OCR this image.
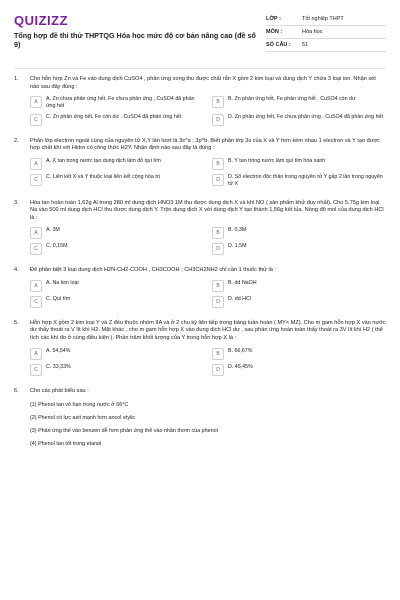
QUIZIZZ
Tổng hợp đề thi thử THPTQG Hóa học mức độ cơ bản nâng cao (đề số 9)
LỚP :	Tốt nghiệp THPT
MÔN :	Hóa học
SỐ CÂU :	51
1. Cho hỗn hợp Zn và Fe vào dung dịch CuSO4 , phản ứng xong thu được chất rắn X gồm 2 kim loại và dung dịch Y chứa 3 loại ion. Nhận xét nào sau đây đúng :
A	A. Zn chưa phản ứng hết, Fe chưa phản ứng , CuSO4 đã phản ứng hết
B	B. Zn phản ứng hết, Fe phản ứng hết , CuSO4 còn dư
C	C. Zn phản ứng hết, Fe còn dư , CuSO4 đã phản ứng hết	D	D. Zn phản ứng hết, Fe chưa phản ứng , CuSO4 đã phản ứng hết
2. Phân lớp electron ngoài cùng của nguyên tử X,Y lần lượt là 3s^a ; 3p^b. Biết phân lớp 3s của X và Y hơn kém nhau 1 electron và Y tạo được hợp chất khí với Hidro có công thức H2Y. Nhận định nào sau đây là đúng :
A	A. X tan trong nước tạo dung dịch làm đỏ quì tím	B	B. Y tan trong nước làm quì tím hóa xanh
C	C. Liên kết X và Y thuộc loại liên kết cộng hóa trị	D	D. Số electron độc thân trong nguyên tử Y gấp 2 lần trong nguyên tử X
3. Hòa tan hoàn toàn 1,62g Al trong 280 ml dung dịch HNO3 1M thu được dung dịch X và khí NO ( sản phẩm khử duy nhất). Cho 5,75g kim loại Na vào 500 ml dung dịch HCl thu được dung dịch Y. Trộn dung dịch X với dung dịch Y tạo thành 1,56g kết tủa. Nồng độ mol của dung dịch HCl là :
A	A. 3M	B	B. 0,3M
C	C. 0,15M	D	D. 1,5M
4. Để phân biệt 3 loại dung dịch H2N-CH2-COOH , CH3COOH ; CH3CH2NH2 chỉ cần 1 thuốc thử là :
A	A. Na kim loại	B	B. dd NaOH
C	C. Quì tím	D	D. dd HCl
5. Hỗn hợp X gồm 2 kim loại Y và Z đều thuộc nhóm IIA và ở 2 chu kỳ liên tiếp trong bảng tuần hoàn ( MY< MZ). Cho m gam hỗn hợp X vào nước dư thấy thoát ra V lít khí H2. Mặt khác , cho m gam hỗn hợp X vào dung dịch HCl dư , sau phản ứng hoàn toàn thấy thoát ra 3V lít khí H2 ( thể tích các khí đo ở cùng điều kiện ). Phần trăm khối lượng của Y trong hỗn hợp X là :
A	A. 54,54%	B	B. 66,67%
C	C. 33,33%	D	D. 45,45%
6. Cho các phát biểu sau :
(1) Phenol tan vô hạn trong nước ở 66°C
(2) Phenol có lực axit mạnh hơn ancol etylic
(3) Phản ứng thế vào benzen dễ hơn phản ứng thế vào nhân thơm của phenol
(4) Phenol tan tốt trong etanol
